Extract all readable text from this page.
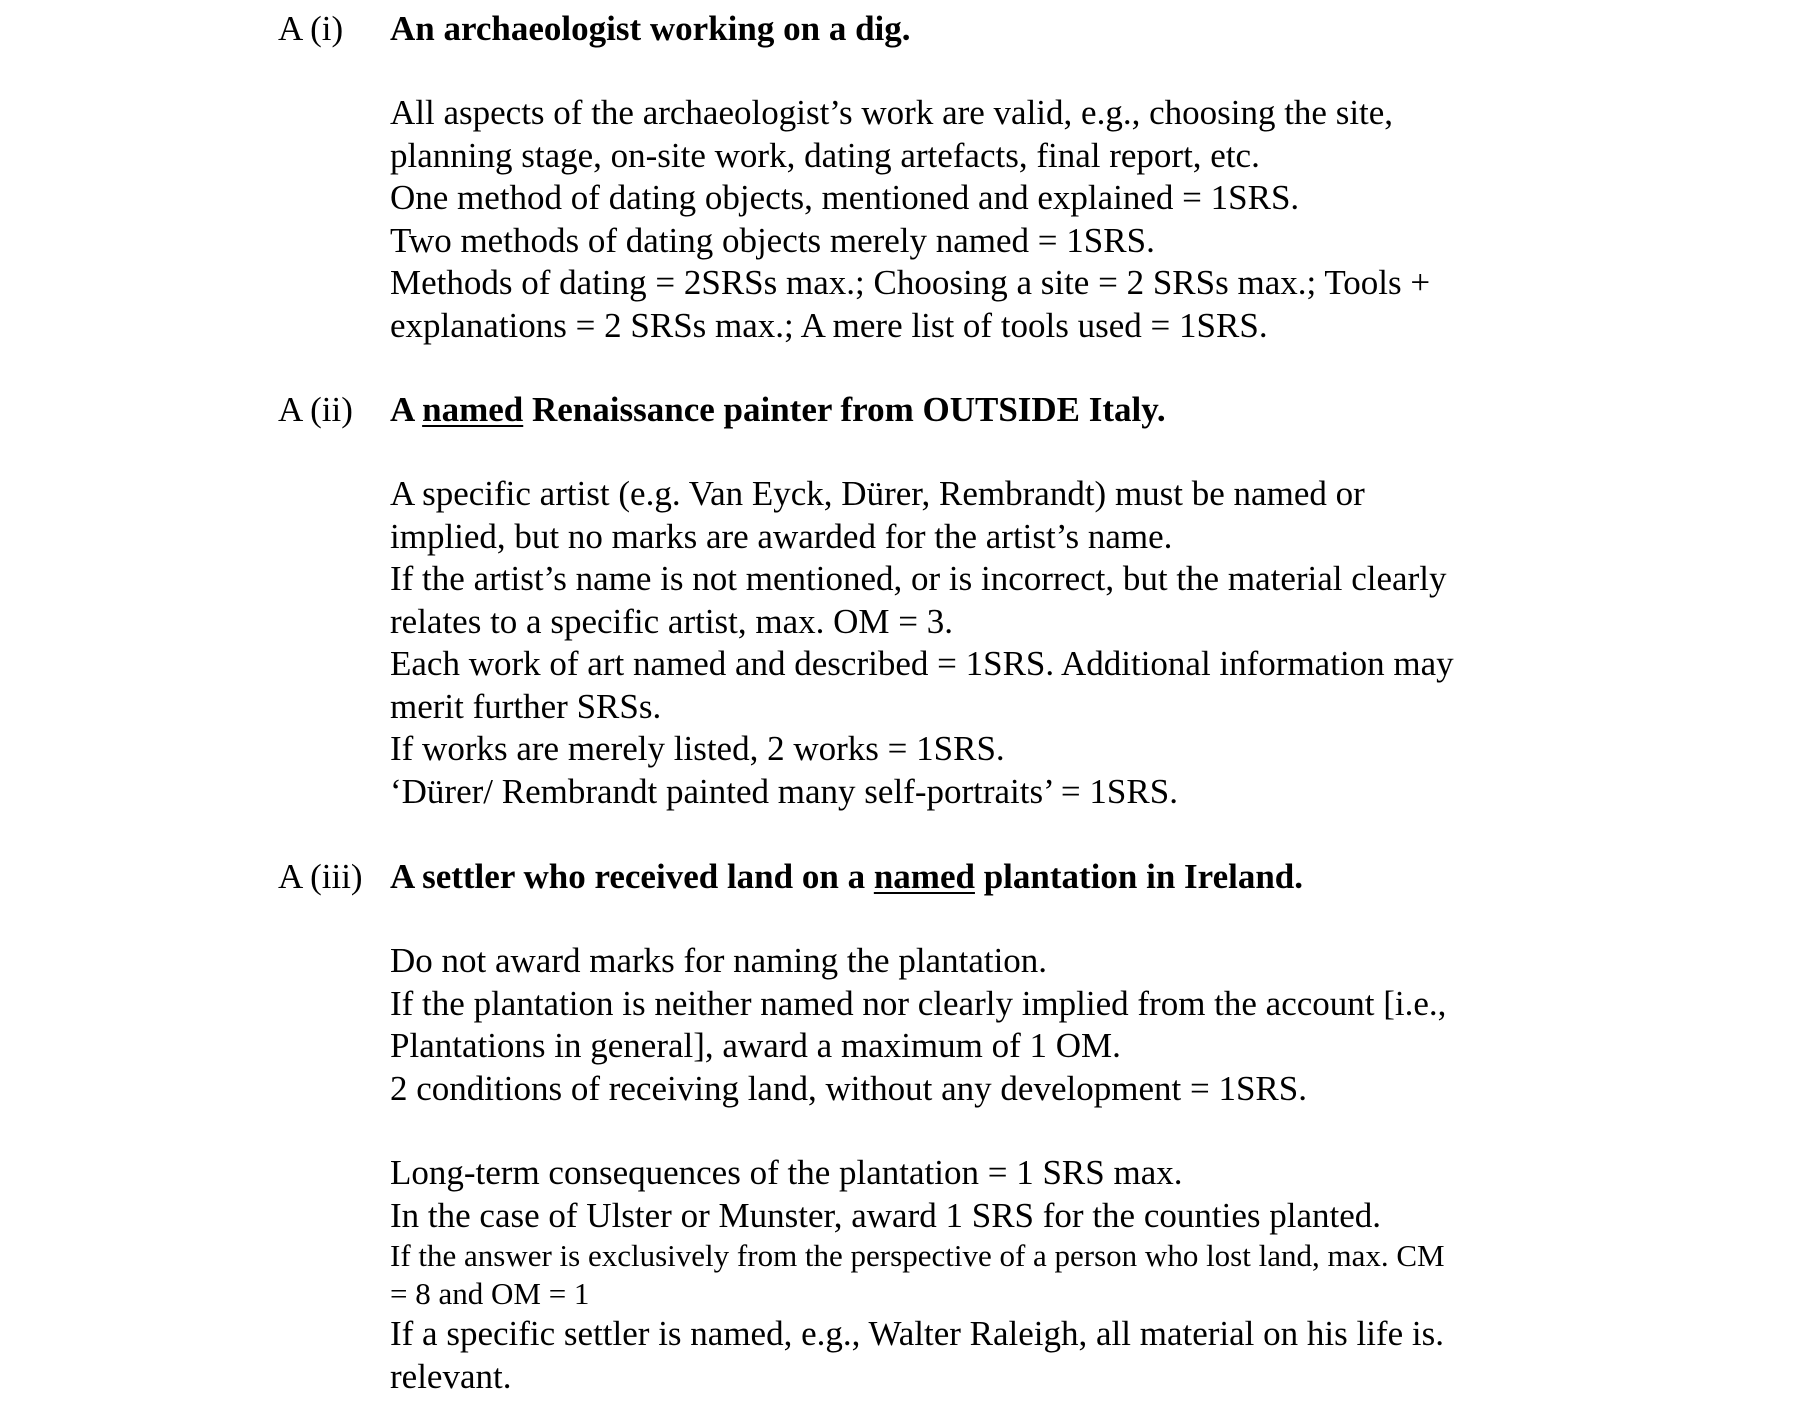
A (i) An archaeologist working on a dig.
All aspects of the archaeologist’s work are valid, e.g., choosing the site,
planning stage, on-site work, dating artefacts, final report, etc.
One method of dating objects, mentioned and explained = 1SRS.
Two methods of dating objects merely named = 1SRS.
Methods of dating = 2SRSs max.; Choosing a site = 2 SRSs max.; Tools +
explanations = 2 SRSs max.; A mere list of tools used = 1SRS.
A (ii) A named Renaissance painter from OUTSIDE Italy.
A specific artist (e.g. Van Eyck, Dürer, Rembrandt) must be named or
implied, but no marks are awarded for the artist’s name.
If the artist’s name is not mentioned, or is incorrect, but the material clearly
relates to a specific artist, max. OM = 3.
Each work of art named and described = 1SRS. Additional information may
merit further SRSs.
If works are merely listed, 2 works = 1SRS.
‘Dürer/ Rembrandt painted many self-portraits’ = 1SRS.
A (iii) A settler who received land on a named plantation in Ireland.
Do not award marks for naming the plantation.
If the plantation is neither named nor clearly implied from the account [i.e.,
Plantations in general], award a maximum of 1 OM.
2 conditions of receiving land, without any development = 1SRS.
Long-term consequences of the plantation = 1 SRS max.
In the case of Ulster or Munster, award 1 SRS for the counties planted.
If the answer is exclusively from the perspective of a person who lost land, max. CM
= 8 and OM = 1
If a specific settler is named, e.g., Walter Raleigh, all material on his life is.
relevant.
